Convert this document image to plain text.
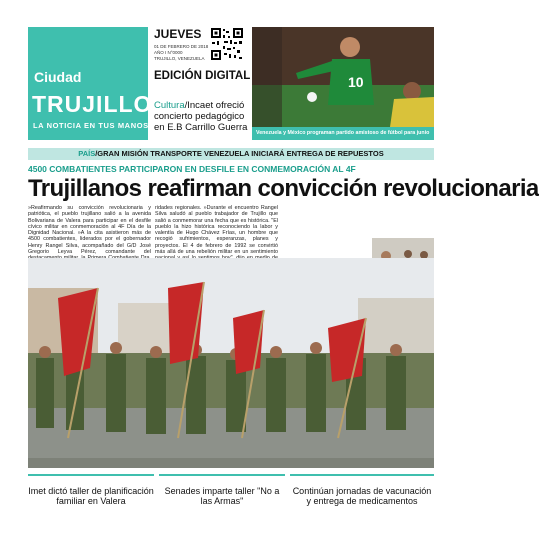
Ciudad
TRUJILLO
LA NOTICIA EN TUS MANOS
JUEVES
01 DE FEBRERO DE 2018
AÑO I N°0000
TRUJILLO, VENEZUELA
EDICIÓN DIGITAL
Cultura/Incaet ofreció concierto pedagógico en E.B Carrillo Guerra
10
Venezuela y México programan partido amistoso de fútbol para junio
PAÍS/GRAN MISIÓN TRANSPORTE VENEZUELA INICIARÁ ENTREGA DE REPUESTOS
4500 COMBATIENTES PARTICIPARON EN DESFILE EN CONMEMORACIÓN AL 4F
Trujillanos reafirman convicción revolucionaria
»Reafirmando su convicción revolucionaria y patriótica, el pueblo trujillano salió a la avenida Bolivariana de Valera para participar en el desfile cívico militar en conmemoración al 4F Día de la Dignidad Nacional. »A la cita asistieron más de 4500 combatientes, liderados por el gobernador Henry Rangel Silva, acompañado del G/D José Gregorio Leyva Pérez, comandante del
ridades regionales. »Durante el encuentro Rangel Silva saludó al pueblo trabajador de Trujillo que salió a conmemorar una fecha que es histórica. "El pueblo la hizo histórica reconociendo la labor y valentía de Hugo Chávez Frías, un hombre que recogió sufrimientos, esperanzas, planes y proyectos. El 4 de febrero de 1992 se convirtió más allá de una rebelión militar en un sentimiento
Imet dictó taller de planificación familiar en Valera
Senades imparte taller "No a las Armas"
Continúan jornadas de vacunación y entrega de medicamentos
